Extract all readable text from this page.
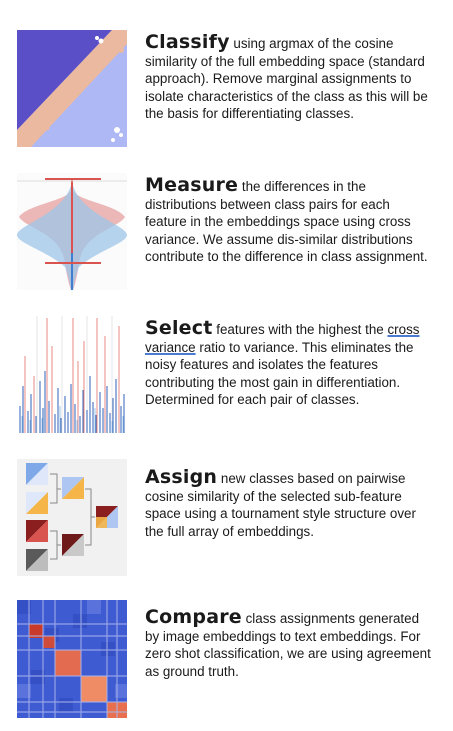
Classify using argmax of the cosine similarity of the full embedding space (standard approach). Remove marginal assignments to isolate characteristics of the class as this will be the basis for differentiating classes.
Measure the differences in the distributions between class pairs for each feature in the embeddings space using cross variance. We assume dis-similar distributions contribute to the difference in class assignment.
Select features with the highest the cross variance ratio to variance. This eliminates the noisy features and isolates the features contributing the most gain in differentiation. Determined for each pair of classes.
Assign new classes based on pairwise cosine similarity of the selected sub-feature space using a tournament style structure over the full array of embeddings.
Compare class assignments generated by image embeddings to text embeddings. For zero shot classification, we are using agreement as ground truth.
